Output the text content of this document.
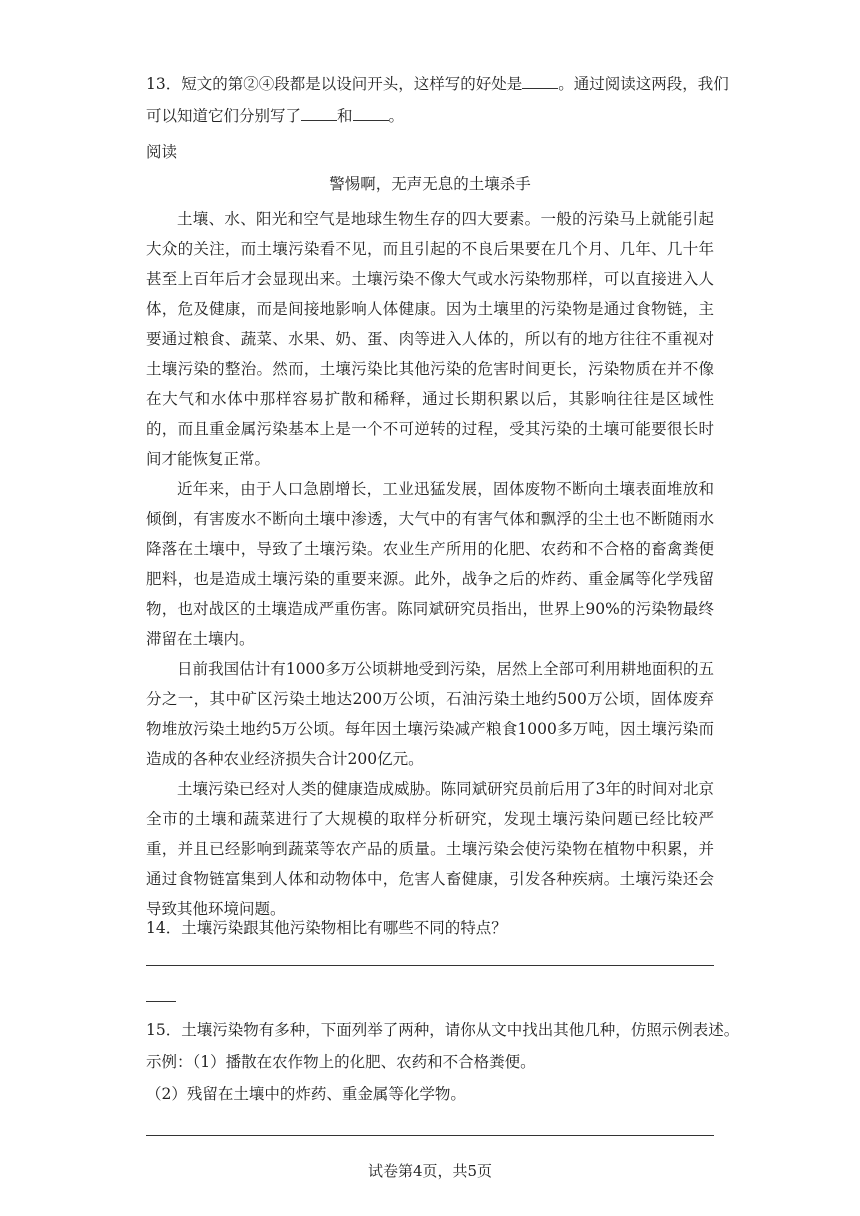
13．短文的第②④段都是以设问开头，这样写的好处是 。通过阅读这两段，我们
可以知道它们分别写了 和 。
阅读
警惕啊，无声无息的土壤杀手
土壤、水、阳光和空气是地球生物生存的四大要素。一般的污染马上就能引起大众的关注，而土壤污染看不见，而且引起的不良后果要在几个月、几年、几十年甚至上百年后才会显现出来。土壤污染不像大气或水污染物那样，可以直接进入人体，危及健康，而是间接地影响人体健康。因为土壤里的污染物是通过食物链，主要通过粮食、蔬菜、水果、奶、蛋、肉等进入人体的，所以有的地方往往不重视对土壤污染的整治。然而，土壤污染比其他污染的危害时间更长，污染物质在并不像在大气和水体中那样容易扩散和稀释，通过长期积累以后，其影响往往是区域性的，而且重金属污染基本上是一个不可逆转的过程，受其污染的土壤可能要很长时间才能恢复正常。
近年来，由于人口急剧增长，工业迅猛发展，固体废物不断向土壤表面堆放和倾倒，有害废水不断向土壤中渗透，大气中的有害气体和飘浮的尘土也不断随雨水降落在土壤中，导致了土壤污染。农业生产所用的化肥、农药和不合格的畜禽粪便肥料，也是造成土壤污染的重要来源。此外，战争之后的炸药、重金属等化学残留物，也对战区的土壤造成严重伤害。陈同斌研究员指出，世界上90%的污染物最终滞留在土壤内。
日前我国估计有1000多万公顷耕地受到污染，居然上全部可利用耕地面积的五分之一，其中矿区污染土地达200万公顷，石油污染土地约500万公顷，固体废弃物堆放污染土地约5万公顷。每年因土壤污染减产粮食1000多万吨，因土壤污染而造成的各种农业经济损失合计200亿元。
土壤污染已经对人类的健康造成威胁。陈同斌研究员前后用了3年的时间对北京全市的土壤和蔬菜进行了大规模的取样分析研究，发现土壤污染问题已经比较严重，并且已经影响到蔬菜等农产品的质量。土壤污染会使污染物在植物中积累，并通过食物链富集到人体和动物体中，危害人畜健康，引发各种疾病。土壤污染还会导致其他环境问题。
14．土壤污染跟其他污染物相比有哪些不同的特点？
15．土壤污染物有多种，下面列举了两种，请你从文中找出其他几种，仿照示例表述。
示例：（1）播散在农作物上的化肥、农药和不合格粪便。
（2）残留在土壤中的炸药、重金属等化学物。
试卷第4页，共5页
